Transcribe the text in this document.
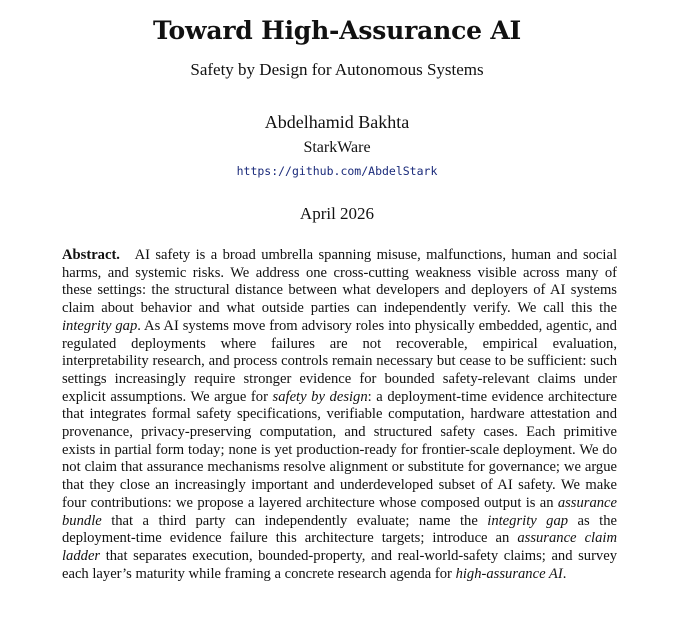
Toward High-Assurance AI
Safety by Design for Autonomous Systems
Abdelhamid Bakhta
StarkWare
https://github.com/AbdelStark
April 2026
Abstract. AI safety is a broad umbrella spanning misuse, malfunctions, human and social harms, and systemic risks. We address one cross-cutting weakness visible across many of these settings: the structural distance between what developers and deployers of AI systems claim about behavior and what outside parties can independently verify. We call this the integrity gap. As AI systems move from advisory roles into physically embedded, agentic, and regulated deployments where failures are not recoverable, empirical evaluation, interpretability research, and process controls remain necessary but cease to be sufficient: such settings increasingly require stronger evidence for bounded safety-relevant claims under explicit assumptions. We argue for safety by design: a deployment-time evidence architecture that integrates formal safety specifications, verifiable computation, hardware attestation and provenance, privacy-preserving computation, and structured safety cases. Each primitive exists in partial form today; none is yet production-ready for frontier-scale deployment. We do not claim that assurance mechanisms resolve alignment or substitute for governance; we argue that they close an increasingly important and underdeveloped subset of AI safety. We make four contributions: we propose a layered architecture whose composed output is an assurance bundle that a third party can independently evaluate; name the integrity gap as the deployment-time evidence failure this architecture targets; introduce an assurance claim ladder that separates execution, bounded-property, and real-world-safety claims; and survey each layer’s maturity while framing a concrete research agenda for high-assurance AI.
